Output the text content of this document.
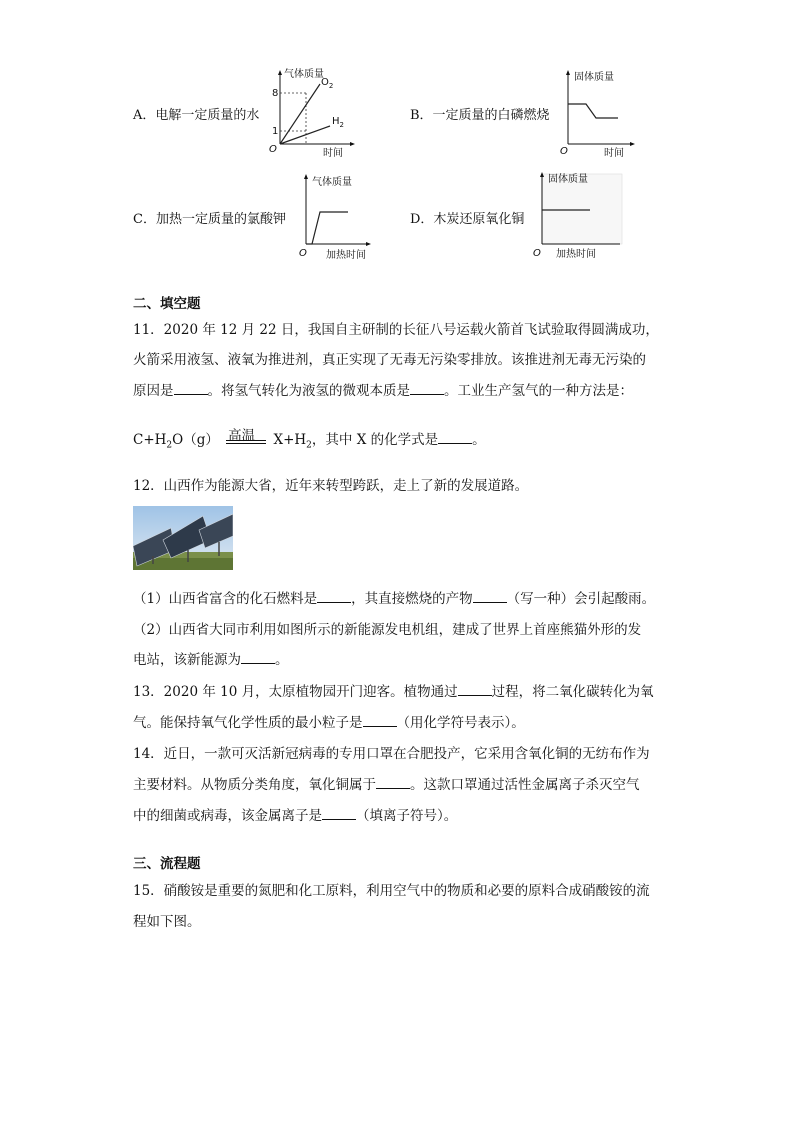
A．电解一定质量的水
气体质量
时间
O
8
1
$O_2$
$H_2$
B．一定质量的白磷燃烧
固体质量
时间
O
C．加热一定质量的氯酸钾
气体质量
加热时间
O
D．木炭还原氧化铜
固体质量
加热时间
O
二、填空题
11．2020 年 12 月 22 日，我国自主研制的长征八号运载火箭首飞试验取得圆满成功，
火箭采用液氢、液氧为推进剂，真正实现了无毒无污染零排放。该推进剂无毒无污染的
原因是	。将氢气转化为液氢的微观本质是	。工业生产氢气的一种方法是：
$C+H_2O(g)$ 高温 $X+H_2$，其中 X 的化学式是	。
12．山西作为能源大省，近年来转型跨跃，走上了新的发展道路。
（1）山西省富含的化石燃料是	，其直接燃烧的产物	（写一种）会引起酸雨。
（2）山西省大同市利用如图所示的新能源发电机组，建成了世界上首座熊猫外形的发
电站，该新能源为	。
13．2020 年 10 月，太原植物园开门迎客。植物通过	过程，将二氧化碳转化为氧
气。能保持氧气化学性质的最小粒子是	（用化学符号表示）。
14．近日，一款可灭活新冠病毒的专用口罩在合肥投产，它采用含氧化铜的无纺布作为
主要材料。从物质分类角度，氧化铜属于	。这款口罩通过活性金属离子杀灭空气
中的细菌或病毒，该金属离子是	（填离子符号）。
三、流程题
15．硝酸铵是重要的氮肥和化工原料，利用空气中的物质和必要的原料合成硝酸铵的流
程如下图。
